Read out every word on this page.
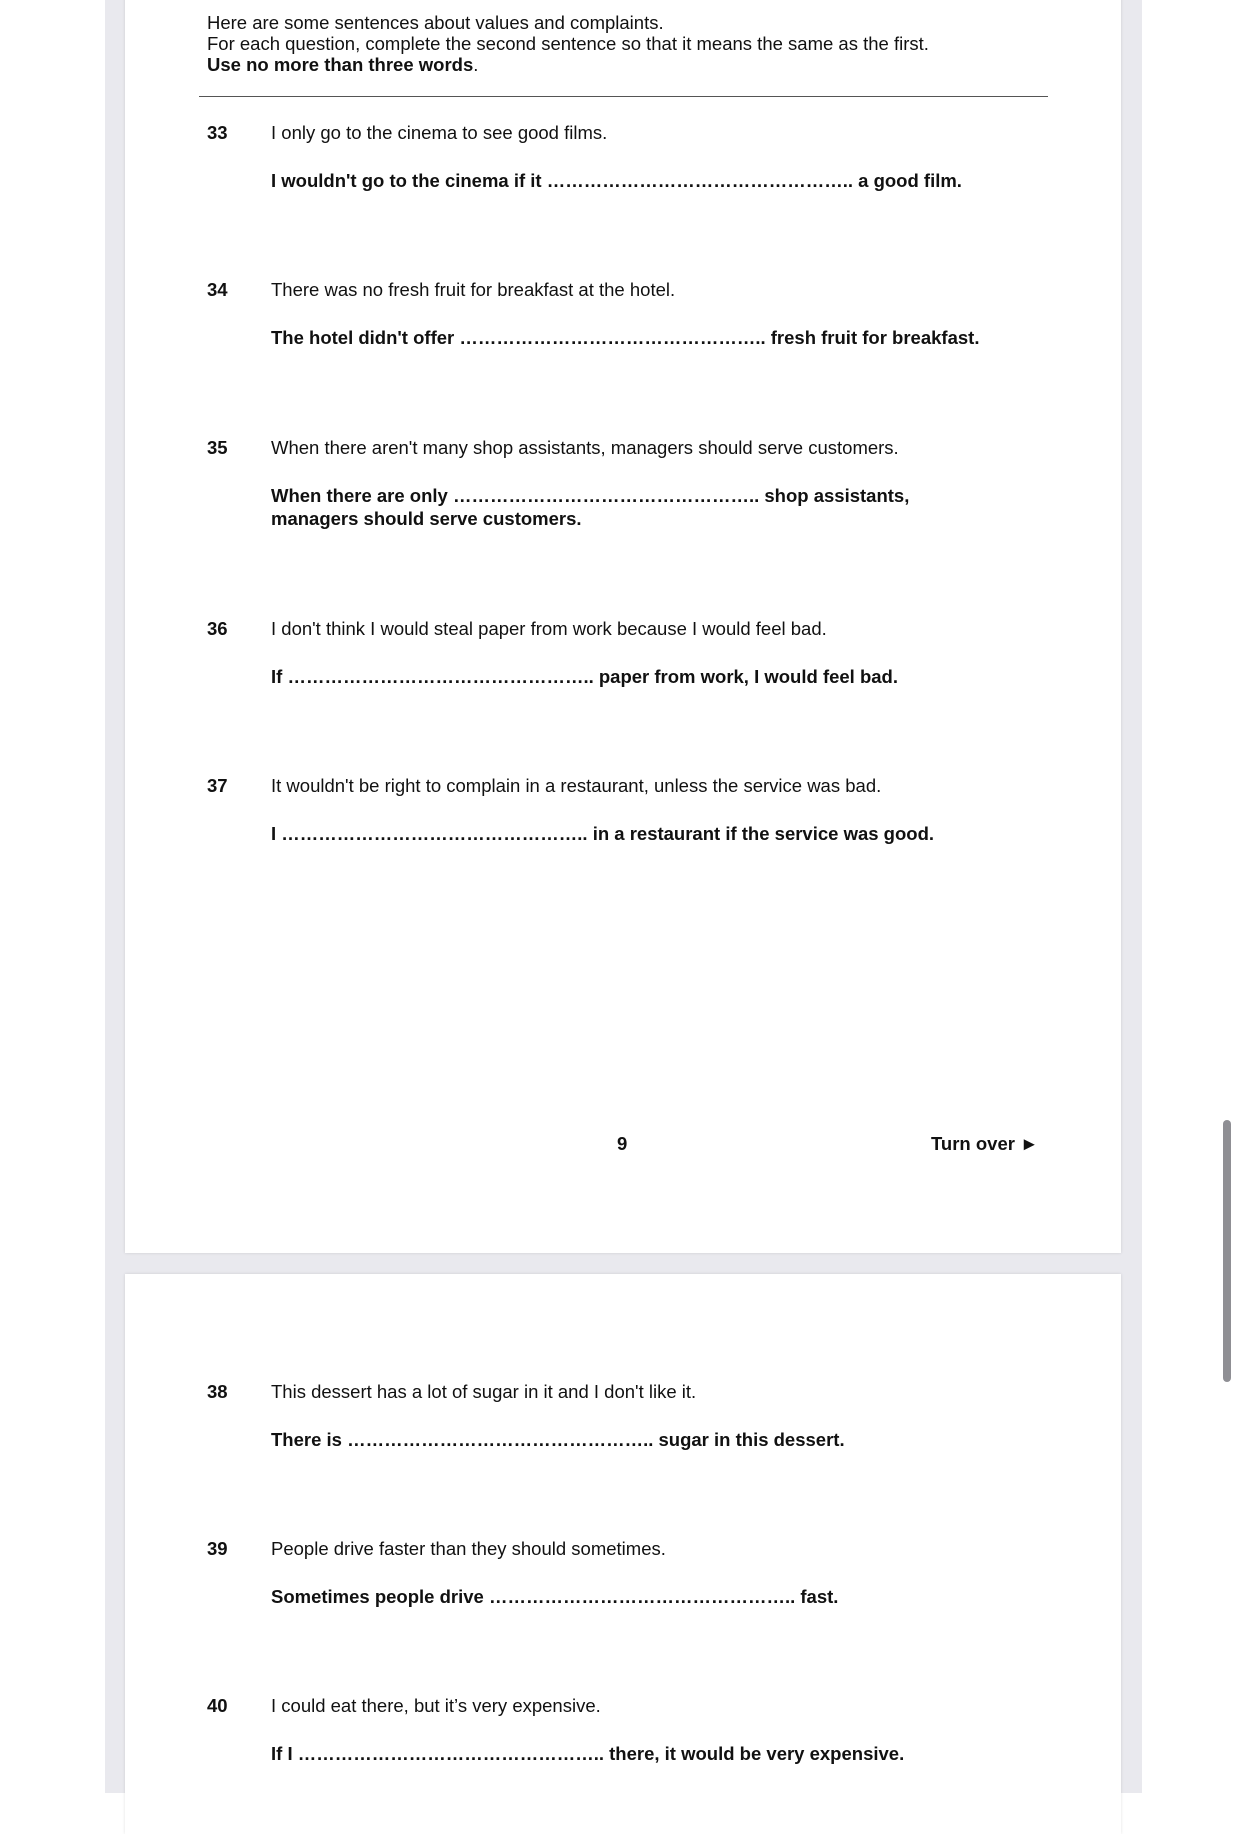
Here are some sentences about values and complaints.
For each question, complete the second sentence so that it means the same as the first.
Use no more than three words.
33 I only go to the cinema to see good films.
I wouldn't go to the cinema if it ………………………………………….. a good film.
34 There was no fresh fruit for breakfast at the hotel.
The hotel didn't offer ………………………………………….. fresh fruit for breakfast.
35 When there aren't many shop assistants, managers should serve customers.
When there are only ………………………………………….. shop assistants, managers should serve customers.
36 I don't think I would steal paper from work because I would feel bad.
If ………………………………………….. paper from work, I would feel bad.
37 It wouldn't be right to complain in a restaurant, unless the service was bad.
I ………………………………………….. in a restaurant if the service was good.
9	Turn over ►
38 This dessert has a lot of sugar in it and I don't like it.
There is ………………………………………….. sugar in this dessert.
39 People drive faster than they should sometimes.
Sometimes people drive ………………………………………….. fast.
40 I could eat there, but it’s very expensive.
If I ………………………………………….. there, it would be very expensive.
